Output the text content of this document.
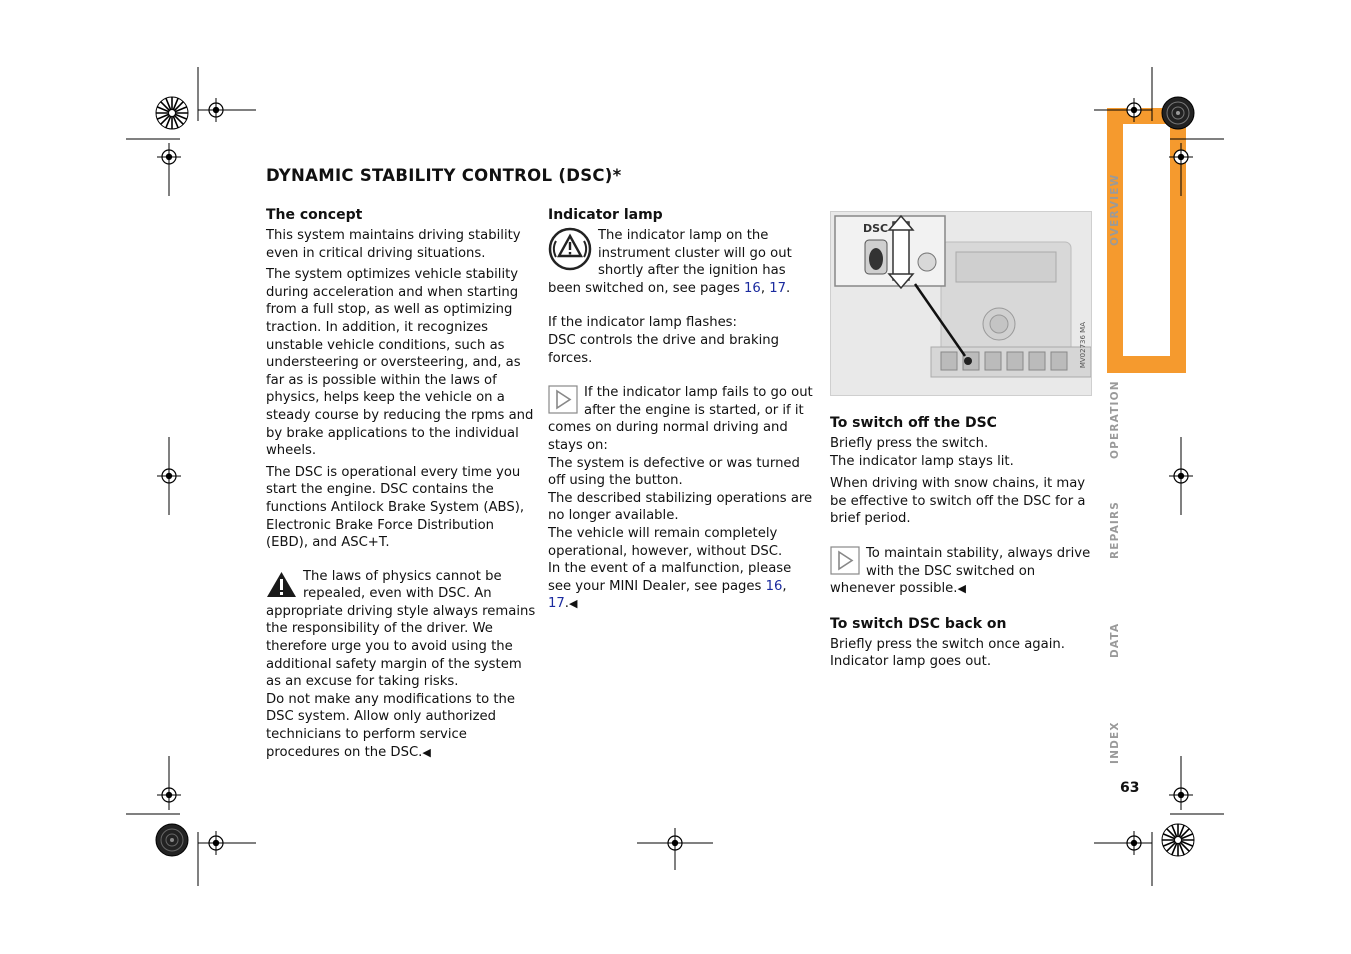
OVERVIEW
CONTROLS
OPERATION
REPAIRS
DATA
INDEX
63
DYNAMIC STABILITY CONTROL (DSC)*
The concept

This system maintains driving stability even in critical driving situations.

The system optimizes vehicle stability during acceleration and when starting from a full stop, as well as optimizing traction. In addition, it recognizes unstable vehicle conditions, such as understeering or oversteering, and, as far as is possible within the laws of physics, helps keep the vehicle on a steady course by reducing the rpms and by brake applications to the individual wheels.

The DSC is operational every time you start the engine. DSC contains the functions Antilock Brake System (ABS), Electronic Brake Force Distribution (EBD), and ASC+T.

The laws of physics cannot be repealed, even with DSC. An appropriate driving style always remains the responsibility of the driver. We therefore urge you to avoid using the additional safety margin of the system as an excuse for taking risks.

Do not make any modifications to the DSC system. Allow only authorized technicians to perform service procedures on the DSC.◀

Indicator lamp

The indicator lamp on the instrument cluster will go out shortly after the ignition has been switched on, see pages 16, 17.

If the indicator lamp flashes:

DSC controls the drive and braking forces.

If the indicator lamp fails to go out after the engine is started, or if it comes on during normal driving and stays on:

The system is defective or was turned off using the button.

The described stabilizing operations are no longer available.

The vehicle will remain completely operational, however, without DSC.

In the event of a malfunction, please see your MINI Dealer, see pages 16, 17.◀

DSC
MV02736 MA
To switch off the DSC

Briefly press the switch.

The indicator lamp stays lit.

When driving with snow chains, it may be effective to switch off the DSC for a brief period.

To maintain stability, always drive with the DSC switched on whenever possible.◀

To switch DSC back on

Briefly press the switch once again.

Indicator lamp goes out.
